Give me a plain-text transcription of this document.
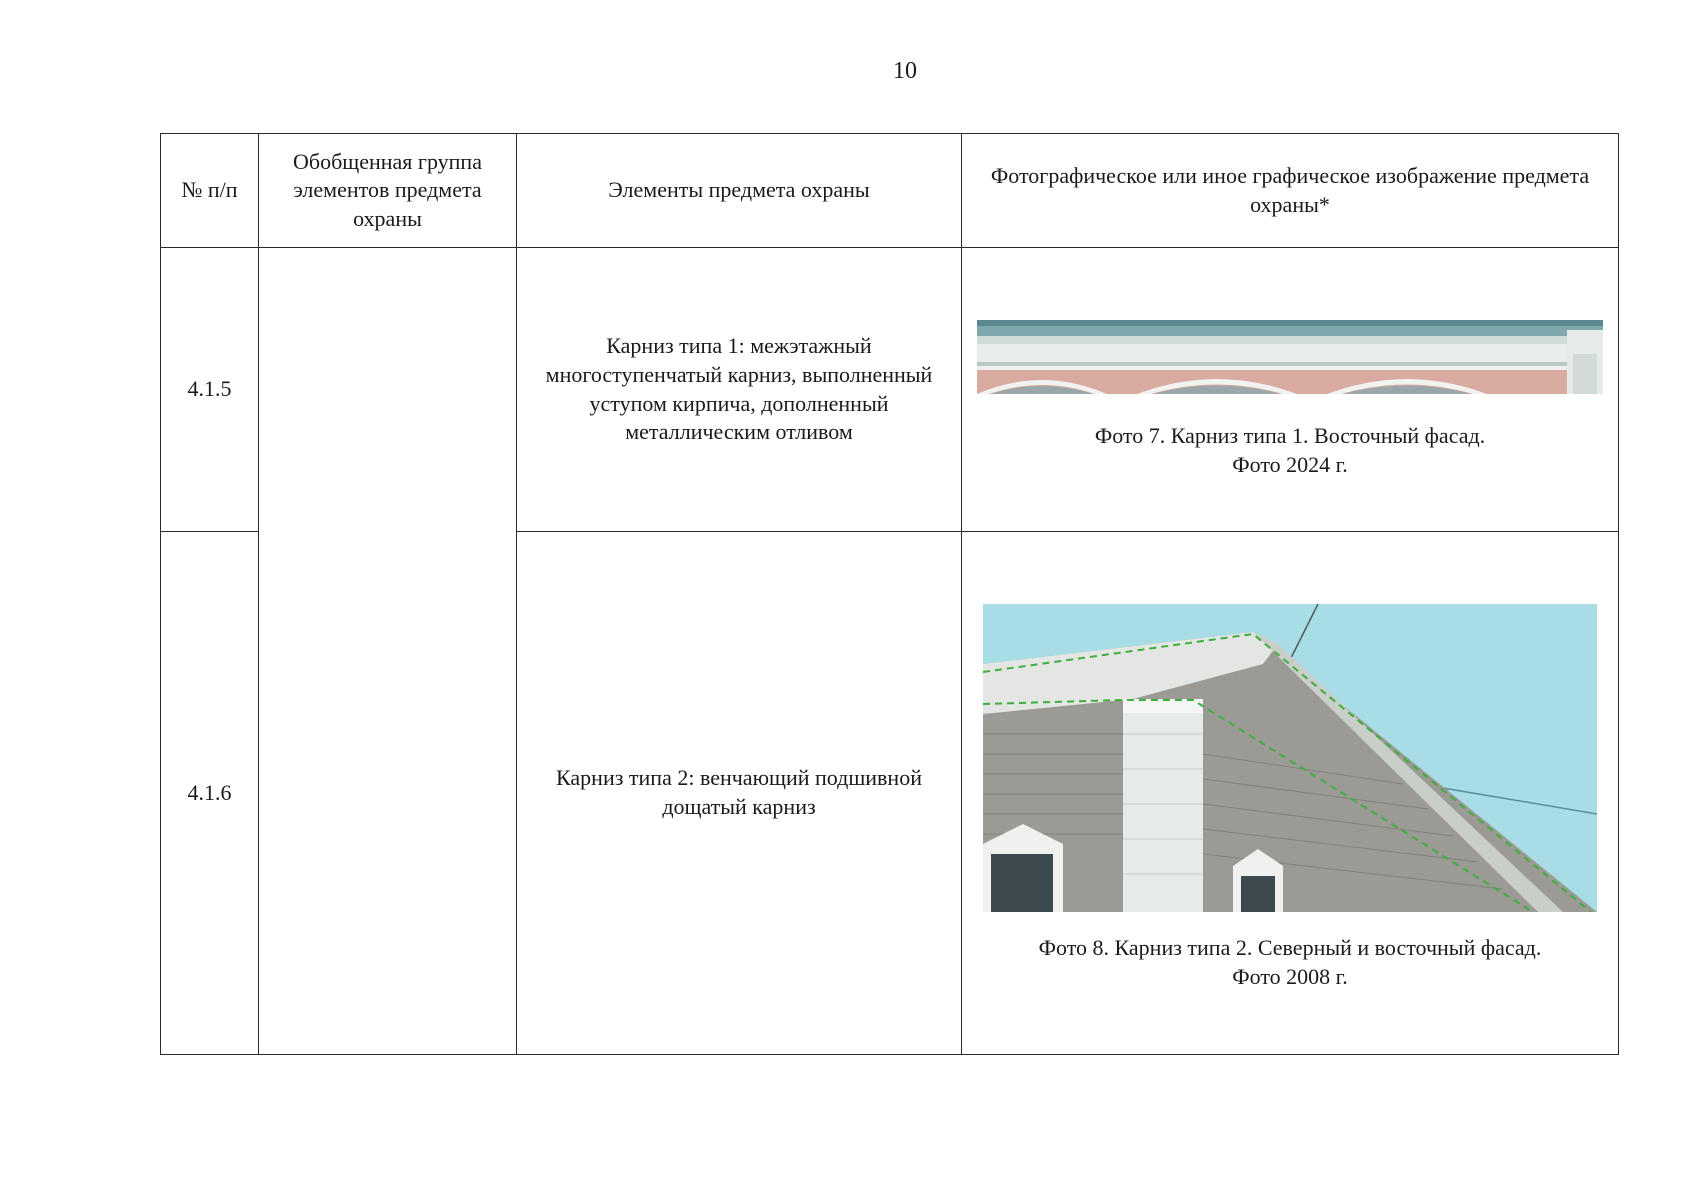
10
№ п/п	Обобщенная группа элементов предмета охраны	Элементы предмета охраны	Фотографическое или иное графическое изображение предмета охраны*
4.1.5		Карниз типа 1: межэтажный многоступенчатый карниз, выполненный уступом кирпича, дополненный металлическим отливом	Фото 7. Карниз типа 1. Восточный фасад.
Фото 2024 г.

4.1.6		Карниз типа 2: венчающий подшивной дощатый карниз	Фото 8. Карниз типа 2. Северный и восточный фасад.
Фото 2008 г.
